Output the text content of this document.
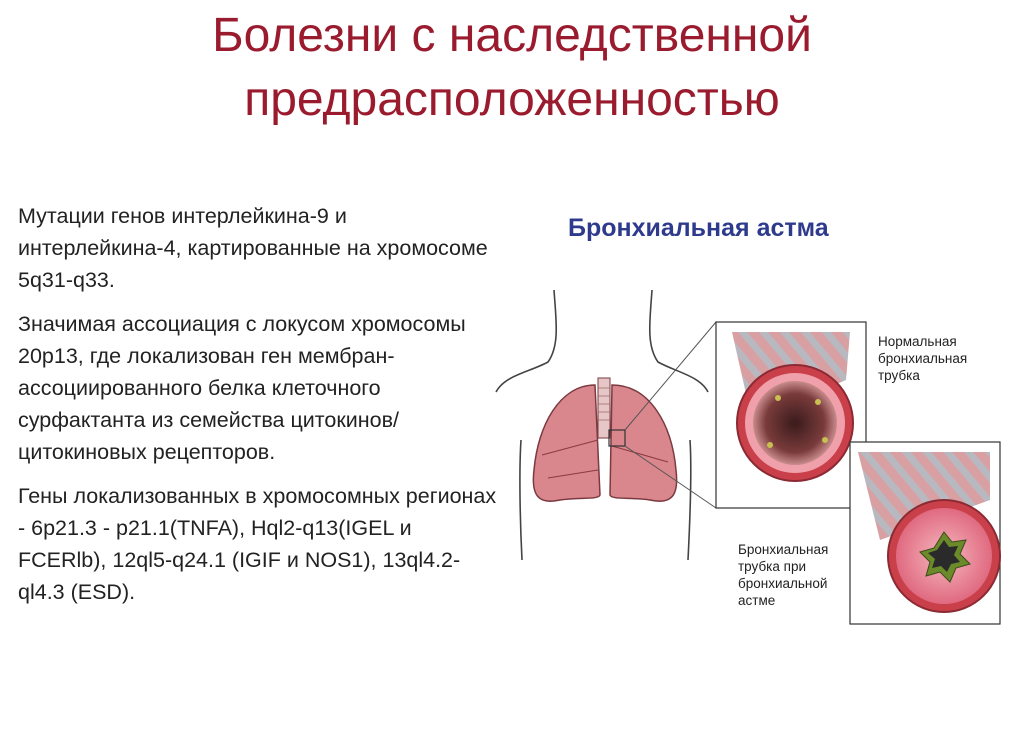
Болезни с наследственной
предрасположенностью

Мутации генов интерлейкина-9 и интерлейкина-4, картированные на хромосоме 5q31-q33.

Значимая ассоциация с локусом хромосомы 20р13, где локализован ген мембран-ассоциированного белка клеточного сурфактанта из семейства цитокинов/цитокиновых рецепторов.

Гены локализованных в хромосомных регионах - 6р21.3 - р21.1(TNFA), Hql2-q13(IGEL и FCERlb), 12ql5-q24.1 (IGIF и NOS1), 13ql4.2-ql4.3 (ESD).

Бронхиальная астма
Нормальная
бронхиальная
трубка
Бронхиальная
трубка при
бронхиальной
астме
